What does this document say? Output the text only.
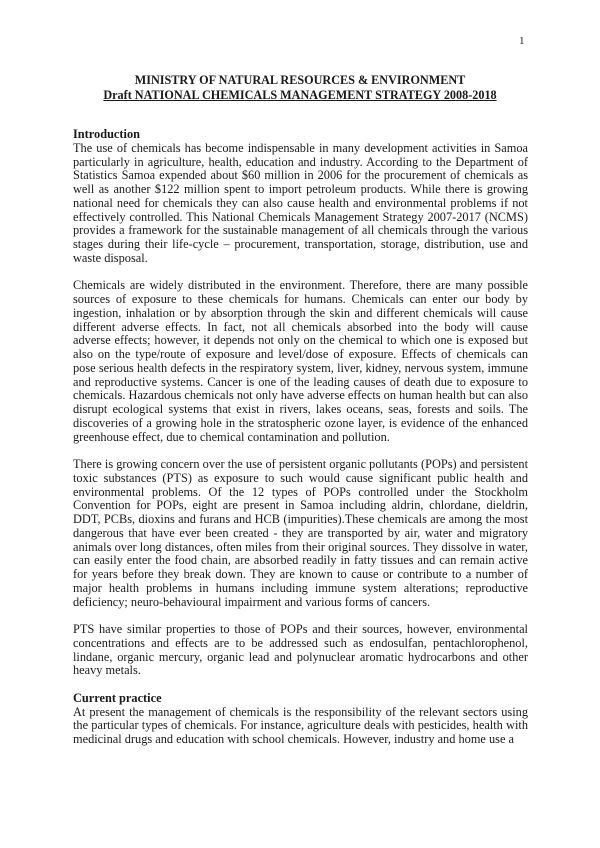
1
MINISTRY OF NATURAL RESOURCES & ENVIRONMENT
Draft NATIONAL CHEMICALS MANAGEMENT STRATEGY 2008-2018
Introduction

The use of chemicals has become indispensable in many development activities in Samoa particularly in agriculture, health, education and industry. According to the Department of Statistics Samoa expended about $60 million in 2006 for the procurement of chemicals as well as another $122 million spent to import petroleum products. While there is growing national need for chemicals they can also cause health and environmental problems if not effectively controlled. This National Chemicals Management Strategy 2007-2017 (NCMS) provides a framework for the sustainable management of all chemicals through the various stages during their life-cycle – procurement, transportation, storage, distribution, use and waste disposal.

Chemicals are widely distributed in the environment. Therefore, there are many possible sources of exposure to these chemicals for humans. Chemicals can enter our body by ingestion, inhalation or by absorption through the skin and different chemicals will cause different adverse effects. In fact, not all chemicals absorbed into the body will cause adverse effects; however, it depends not only on the chemical to which one is exposed but also on the type/route of exposure and level/dose of exposure. Effects of chemicals can pose serious health defects in the respiratory system, liver, kidney, nervous system, immune and reproductive systems. Cancer is one of the leading causes of death due to exposure to chemicals. Hazardous chemicals not only have adverse effects on human health but can also disrupt ecological systems that exist in rivers, lakes oceans, seas, forests and soils. The discoveries of a growing hole in the stratospheric ozone layer, is evidence of the enhanced greenhouse effect, due to chemical contamination and pollution.

There is growing concern over the use of persistent organic pollutants (POPs) and persistent toxic substances (PTS) as exposure to such would cause significant public health and environmental problems. Of the 12 types of POPs controlled under the Stockholm Convention for POPs, eight are present in Samoa including aldrin, chlordane, dieldrin, DDT, PCBs, dioxins and furans and HCB (impurities).These chemicals are among the most dangerous that have ever been created - they are transported by air, water and migratory animals over long distances, often miles from their original sources. They dissolve in water, can easily enter the food chain, are absorbed readily in fatty tissues and can remain active for years before they break down. They are known to cause or contribute to a number of major health problems in humans including immune system alterations; reproductive deficiency; neuro-behavioural impairment and various forms of cancers.

PTS have similar properties to those of POPs and their sources, however, environmental concentrations and effects are to be addressed such as endosulfan, pentachlorophenol, lindane, organic mercury, organic lead and polynuclear aromatic hydrocarbons and other heavy metals.

Current practice

At present the management of chemicals is the responsibility of the relevant sectors using the particular types of chemicals. For instance, agriculture deals with pesticides, health with medicinal drugs and education with school chemicals. However, industry and home use a
